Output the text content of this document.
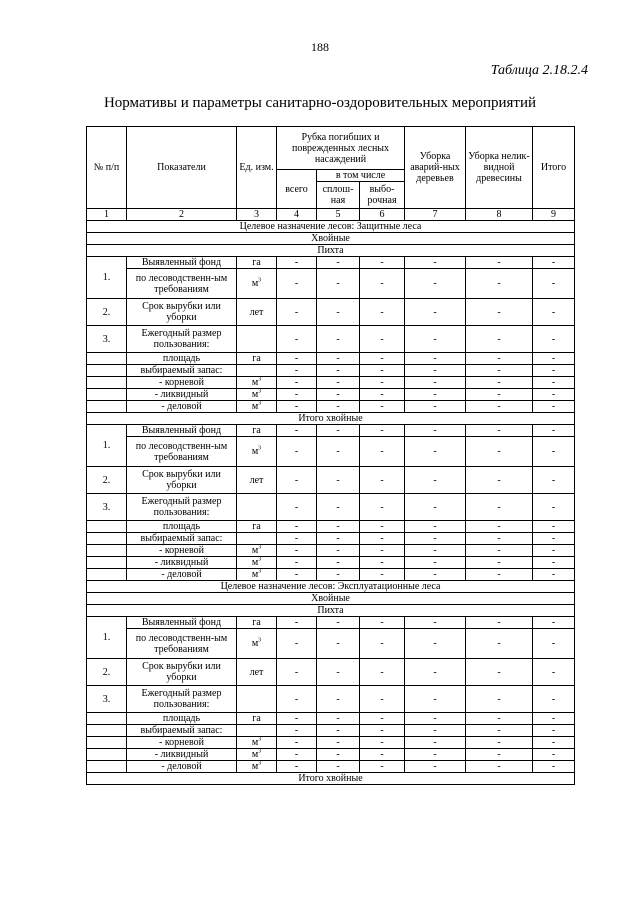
188
Таблица 2.18.2.4
Нормативы и параметры санитарно-оздоровительных мероприятий
№ п/п	Показатели	Ед. изм.	Рубка погибших и поврежденных лесных насаждений			Уборка аварий-ных деревьев	Уборка нелик-видной древесины	Итого
			всего	в том числе				
				сплош-ная	выбо-рочная			
1	2	3	4	5	6	7	8	9
Целевое назначение лесов: Защитные леса								
Хвойные								
Пихта								
1.	Выявленный фонд	га	-	-	-	-	-	-
	по лесоводственн-ым требованиям	$м^3$	-	-	-	-	-	-
2.	Срок вырубки или уборки	лет	-	-	-	-	-	-
3.	Ежегодный размер пользования:		-	-	-	-	-	-
	площадь	га	-	-	-	-	-	-
	выбираемый запас:		-	-	-	-	-	-
	- корневой	$м^3$	-	-	-	-	-	-
	- ликвидный	$м^3$	-	-	-	-	-	-
	- деловой	$м^3$	-	-	-	-	-	-
Итого хвойные								
1.	Выявленный фонд	га	-	-	-	-	-	-
	по лесоводственн-ым требованиям	$м^3$	-	-	-	-	-	-
2.	Срок вырубки или уборки	лет	-	-	-	-	-	-
3.	Ежегодный размер пользования:		-	-	-	-	-	-
	площадь	га	-	-	-	-	-	-
	выбираемый запас:		-	-	-	-	-	-
	- корневой	$м^3$	-	-	-	-	-	-
	- ликвидный	$м^3$	-	-	-	-	-	-
	- деловой	$м^3$	-	-	-	-	-	-
Целевое назначение лесов: Эксплуатационные леса								
Хвойные								
Пихта								
1.	Выявленный фонд	га	-	-	-	-	-	-
	по лесоводственн-ым требованиям	$м^3$	-	-	-	-	-	-
2.	Срок вырубки или уборки	лет	-	-	-	-	-	-
3.	Ежегодный размер пользования:		-	-	-	-	-	-
	площадь	га	-	-	-	-	-	-
	выбираемый запас:		-	-	-	-	-	-
	- корневой	$м^3$	-	-	-	-	-	-
	- ликвидный	$м^3$	-	-	-	-	-	-
	- деловой	$м^3$	-	-	-	-	-	-
Итого хвойные								
